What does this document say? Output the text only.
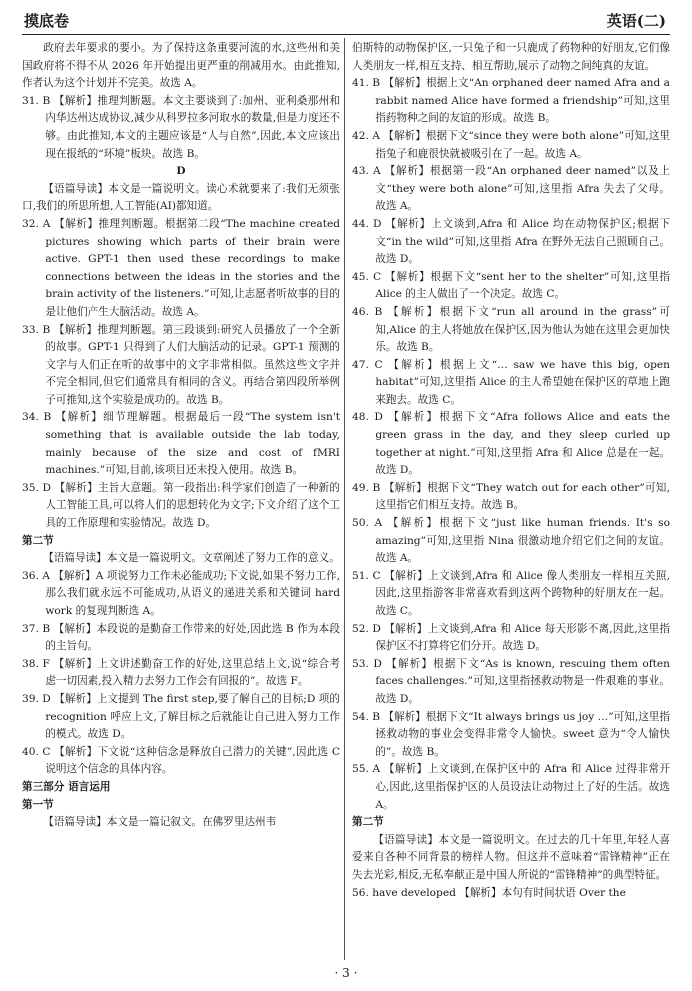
摸底卷	英语(二)

政府去年要求的要小。为了保持这条重要河流的水,这些州和美国政府将不得不从 2026 年开始提出更严重的削减用水。由此推知,作者认为这个计划并不完美。故选 A。

31. B 【解析】推理判断题。本文主要谈到了:加州、亚利桑那州和内华达州达成协议,减少从科罗拉多河取水的数量,但是力度还不够。由此推知,本文的主题应该是“人与自然”,因此,本文应该出现在报纸的“环境”板块。故选 B。

D

【语篇导读】本文是一篇说明文。读心术就要来了:我们无须张口,我们的所思所想,人工智能(AI)都知道。

32. A 【解析】推理判断题。根据第二段“The machine created pictures showing which parts of their brain were active. GPT-1 then used these recordings to make connections between the ideas in the stories and the brain activity of the listeners.”可知,让志愿者听故事的目的是让他们产生大脑活动。故选 A。

33. B 【解析】推理判断题。第三段谈到:研究人员播放了一个全新的故事。GPT-1 只得到了人们大脑活动的记录。GPT-1 预测的文字与人们正在听的故事中的文字非常相似。虽然这些文字并不完全相同,但它们通常具有相同的含义。再结合第四段所举例子可推知,这个实验是成功的。故选 B。

34. B 【解析】细节理解题。根据最后一段“The system isn't something that is available outside the lab today, mainly because of the size and cost of fMRI machines.”可知,目前,该项目还未投入使用。故选 B。

35. D 【解析】主旨大意题。第一段指出:科学家们创造了一种新的人工智能工具,可以将人们的思想转化为文字;下文介绍了这个工具的工作原理和实验情况。故选 D。

第二节

【语篇导读】本文是一篇说明文。文章阐述了努力工作的意义。

36. A 【解析】A 项说努力工作未必能成功;下文说,如果不努力工作,那么我们就永远不可能成功,从语义的递进关系和关键词 hard work 的复现判断选 A。

37. B 【解析】本段说的是勤奋工作带来的好处,因此选 B 作为本段的主旨句。

38. F 【解析】上文讲述勤奋工作的好处,这里总结上文,说“综合考虑一切因素,投入精力去努力工作会有回报的”。故选 F。

39. D 【解析】上文提到 The first step,要了解自己的目标;D 项的 recognition 呼应上文,了解目标之后就能让自己进入努力工作的模式。故选 D。

40. C 【解析】下文说“这种信念是释放自己潜力的关键”,因此选 C 说明这个信念的具体内容。

第三部分 语言运用

第一节

【语篇导读】本文是一篇记叙文。在佛罗里达州韦

伯斯特的动物保护区,一只兔子和一只鹿成了药物种的好朋友,它们像人类朋友一样,相互支持、相互帮助,展示了动物之间纯真的友谊。

41. B 【解析】根据上文“An orphaned deer named Afra and a rabbit named Alice have formed a friendship”可知,这里指药物种之间的友谊的形成。故选 B。

42. A 【解析】根据下文“since they were both alone”可知,这里指兔子和鹿很快就被吸引在了一起。故选 A。

43. A 【解析】根据第一段“An orphaned deer named”以及上文“they were both alone”可知,这里指 Afra 失去了父母。故选 A。

44. D 【解析】上文谈到,Afra 和 Alice 均在动物保护区;根据下文“in the wild”可知,这里指 Afra 在野外无法自己照顾自己。故选 D。

45. C 【解析】根据下文“sent her to the shelter”可知,这里指 Alice 的主人做出了一个决定。故选 C。

46. B 【解析】根据下文“run all around in the grass”可知,Alice 的主人将她放在保护区,因为他认为她在这里会更加快乐。故选 B。

47. C 【解析】根据上文“… saw we have this big, open habitat”可知,这里指 Alice 的主人希望她在保护区的草地上跑来跑去。故选 C。

48. D 【解析】根据下文“Afra follows Alice and eats the green grass in the day, and they sleep curled up together at night.”可知,这里指 Afra 和 Alice 总是在一起。故选 D。

49. B 【解析】根据下文“They watch out for each other”可知,这里指它们相互支持。故选 B。

50. A 【解析】根据下文“just like human friends. It's so amazing”可知,这里指 Nina 很激动地介绍它们之间的友谊。故选 A。

51. C 【解析】上文谈到,Afra 和 Alice 像人类朋友一样相互关照,因此,这里指游客非常喜欢看到这两个跨物种的好朋友在一起。故选 C。

52. D 【解析】上文谈到,Afra 和 Alice 每天形影不离,因此,这里指保护区不打算将它们分开。故选 D。

53. D 【解析】根据下文“As is known, rescuing them often faces challenges.”可知,这里指拯救动物是一件艰难的事业。故选 D。

54. B 【解析】根据下文“It always brings us joy …”可知,这里指拯救动物的事业会变得非常令人愉快。sweet 意为“令人愉快的”。故选 B。

55. A 【解析】上文谈到,在保护区中的 Afra 和 Alice 过得非常开心,因此,这里指保护区的人员设法让动物过上了好的生活。故选 A。

第二节

【语篇导读】本文是一篇说明文。在过去的几十年里,年轻人喜爱来自各种不同背景的榜样人物。但这并不意味着“雷锋精神”正在失去光彩,相反,无私奉献正是中国人所说的“雷锋精神”的典型特征。

56. have developed 【解析】本句有时间状语 Over the

· 3 ·
